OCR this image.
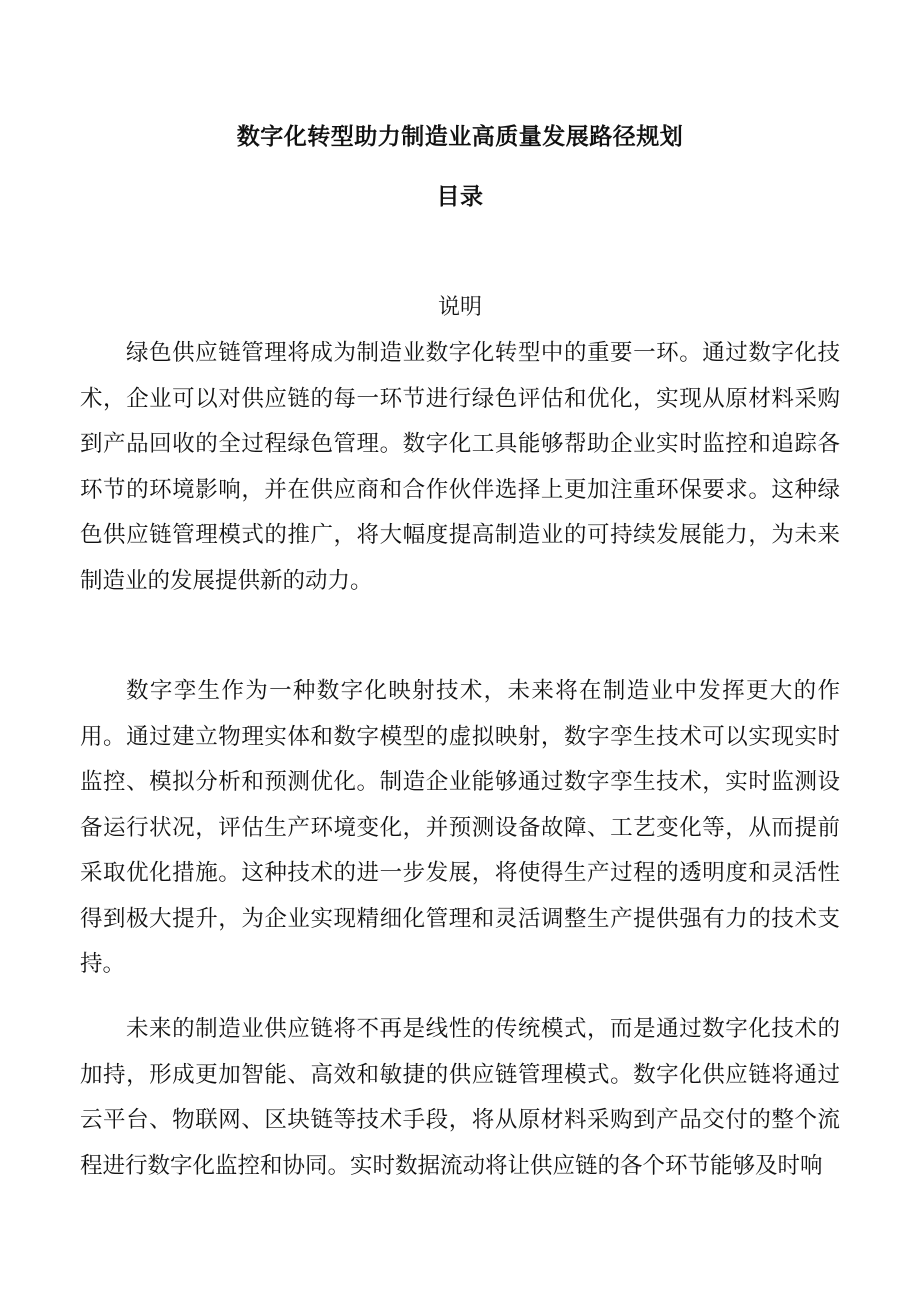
数字化转型助力制造业高质量发展路径规划
目录
说明

绿色供应链管理将成为制造业数字化转型中的重要一环。通过数字化技术，企业可以对供应链的每一环节进行绿色评估和优化，实现从原材料采购到产品回收的全过程绿色管理。数字化工具能够帮助企业实时监控和追踪各环节的环境影响，并在供应商和合作伙伴选择上更加注重环保要求。这种绿色供应链管理模式的推广，将大幅度提高制造业的可持续发展能力，为未来制造业的发展提供新的动力。

数字孪生作为一种数字化映射技术，未来将在制造业中发挥更大的作用。通过建立物理实体和数字模型的虚拟映射，数字孪生技术可以实现实时监控、模拟分析和预测优化。制造企业能够通过数字孪生技术，实时监测设备运行状况，评估生产环境变化，并预测设备故障、工艺变化等，从而提前采取优化措施。这种技术的进一步发展，将使得生产过程的透明度和灵活性得到极大提升，为企业实现精细化管理和灵活调整生产提供强有力的技术支持。

未来的制造业供应链将不再是线性的传统模式，而是通过数字化技术的加持，形成更加智能、高效和敏捷的供应链管理模式。数字化供应链将通过云平台、物联网、区块链等技术手段，将从原材料采购到产品交付的整个流程进行数字化监控和协同。实时数据流动将让供应链的各个环节能够及时响
